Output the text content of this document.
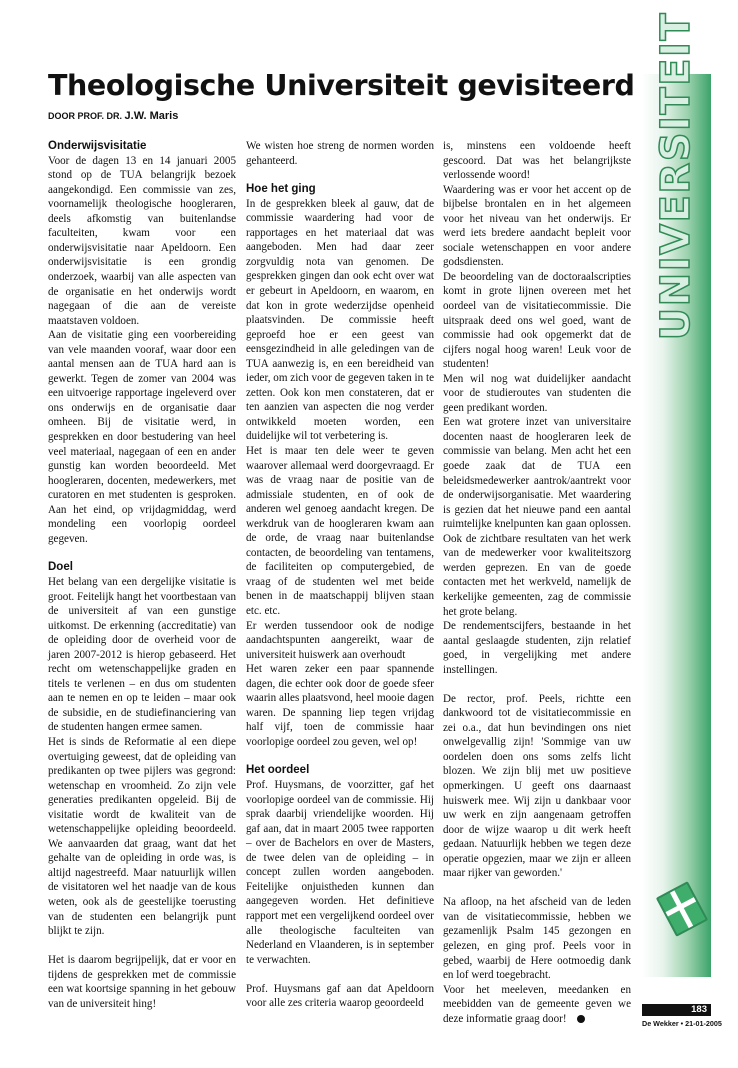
Theologische Universiteit gevisiteerd
DOOR PROF. DR. J.W. Maris
Onderwijsvisitatie

Voor de dagen 13 en 14 januari 2005 stond op de TUA belangrijk bezoek aangekondigd. Een commissie van zes, voornamelijk theologische hoogleraren, deels afkomstig van buitenlandse faculteiten, kwam voor een onderwijsvisitatie naar Apeldoorn. Een onderwijsvisitatie is een grondig onderzoek, waarbij van alle aspecten van de organisatie en het onderwijs wordt nagegaan of die aan de vereiste maatstaven voldoen.

Aan de visitatie ging een voorbereiding van vele maanden vooraf, waar door een aantal mensen aan de TUA hard aan is gewerkt. Tegen de zomer van 2004 was een uitvoerige rapportage ingeleverd over ons onderwijs en de organisatie daar omheen. Bij de visitatie werd, in gesprekken en door bestudering van heel veel materiaal, nagegaan of een en ander gunstig kan worden beoordeeld. Met hoogleraren, docenten, medewerkers, met curatoren en met studenten is gesproken. Aan het eind, op vrijdagmiddag, werd mondeling een voorlopig oordeel gegeven.

Doel

Het belang van een dergelijke visitatie is groot. Feitelijk hangt het voortbestaan van de universiteit af van een gunstige uitkomst. De erkenning (accreditatie) van de opleiding door de overheid voor de jaren 2007-2012 is hierop gebaseerd. Het recht om wetenschappelijke graden en titels te verlenen – en dus om studenten aan te nemen en op te leiden – maar ook de subsidie, en de studiefinanciering van de studenten hangen ermee samen.

Het is sinds de Reformatie al een diepe overtuiging geweest, dat de opleiding van predikanten op twee pijlers was gegrond: wetenschap en vroomheid. Zo zijn vele generaties predikanten opgeleid. Bij de visitatie wordt de kwaliteit van de wetenschappelijke opleiding beoordeeld. We aanvaarden dat graag, want dat het gehalte van de opleiding in orde was, is altijd nagestreefd. Maar natuurlijk willen de visitatoren wel het naadje van de kous weten, ook als de geestelijke toerusting van de studenten een belangrijk punt blijkt te zijn.

Het is daarom begrijpelijk, dat er voor en tijdens de gesprekken met de commissie een wat koortsige spanning in het gebouw van de universiteit hing!

We wisten hoe streng de normen worden gehanteerd.

Hoe het ging

In de gesprekken bleek al gauw, dat de commissie waardering had voor de rapportages en het materiaal dat was aangeboden. Men had daar zeer zorgvuldig nota van genomen. De gesprekken gingen dan ook echt over wat er gebeurt in Apeldoorn, en waarom, en dat kon in grote wederzijdse openheid plaatsvinden. De commissie heeft geproefd hoe er een geest van eensgezindheid in alle geledingen van de TUA aanwezig is, en een bereidheid van ieder, om zich voor de gegeven taken in te zetten. Ook kon men constateren, dat er ten aanzien van aspecten die nog verder ontwikkeld moeten worden, een duidelijke wil tot verbetering is.

Het is maar ten dele weer te geven waarover allemaal werd doorgevraagd. Er was de vraag naar de positie van de admissiale studenten, en of ook de anderen wel genoeg aandacht kregen. De werkdruk van de hoogleraren kwam aan de orde, de vraag naar buitenlandse contacten, de beoordeling van tentamens, de faciliteiten op computergebied, de vraag of de studenten wel met beide benen in de maatschappij blijven staan etc. etc.

Er werden tussendoor ook de nodige aandachtspunten aangereikt, waar de universiteit huiswerk aan overhoudt

Het waren zeker een paar spannende dagen, die echter ook door de goede sfeer waarin alles plaatsvond, heel mooie dagen waren. De spanning liep tegen vrijdag half vijf, toen de commissie haar voorlopige oordeel zou geven, wel op!

Het oordeel

Prof. Huysmans, de voorzitter, gaf het voorlopige oordeel van de commissie. Hij sprak daarbij vriendelijke woorden. Hij gaf aan, dat in maart 2005 twee rapporten – over de Bachelors en over de Masters, de twee delen van de opleiding – in concept zullen worden aangeboden. Feitelijke onjuistheden kunnen dan aangegeven worden. Het definitieve rapport met een vergelijkend oordeel over alle theologische faculteiten van Nederland en Vlaanderen, is in september te verwachten.

Prof. Huysmans gaf aan dat Apeldoorn voor alle zes criteria waarop geoordeeld

is, minstens een voldoende heeft gescoord. Dat was het belangrijkste verlossende woord!

Waardering was er voor het accent op de bijbelse brontalen en in het algemeen voor het niveau van het onderwijs. Er werd iets bredere aandacht bepleit voor sociale wetenschappen en voor andere godsdiensten.

De beoordeling van de doctoraalscripties komt in grote lijnen overeen met het oordeel van de visitatiecommissie. Die uitspraak deed ons wel goed, want de commissie had ook opgemerkt dat de cijfers nogal hoog waren! Leuk voor de studenten!

Men wil nog wat duidelijker aandacht voor de studieroutes van studenten die geen predikant worden.

Een wat grotere inzet van universitaire docenten naast de hoogleraren leek de commissie van belang. Men acht het een goede zaak dat de TUA een beleidsmedewerker aantrok/aantrekt voor de onderwijsorganisatie. Met waardering is gezien dat het nieuwe pand een aantal ruimtelijke knelpunten kan gaan oplossen. Ook de zichtbare resultaten van het werk van de medewerker voor kwaliteitszorg werden geprezen. En van de goede contacten met het werkveld, namelijk de kerkelijke gemeenten, zag de commissie het grote belang.

De rendementscijfers, bestaande in het aantal geslaagde studenten, zijn relatief goed, in vergelijking met andere instellingen.

De rector, prof. Peels, richtte een dankwoord tot de visitatiecommissie en zei o.a., dat hun bevindingen ons niet onwelgevallig zijn! 'Sommige van uw oordelen doen ons soms zelfs licht blozen. We zijn blij met uw positieve opmerkingen. U geeft ons daarnaast huiswerk mee. Wij zijn u dankbaar voor uw werk en zijn aangenaam getroffen door de wijze waarop u dit werk heeft gedaan. Natuurlijk hebben we tegen deze operatie opgezien, maar we zijn er alleen maar rijker van geworden.'

Na afloop, na het afscheid van de leden van de visitatiecommissie, hebben we gezamenlijk Psalm 145 gezongen en gelezen, en ging prof. Peels voor in gebed, waarbij de Here ootmoedig dank en lof werd toegebracht.

Voor het meeleven, meedanken en meebidden van de gemeente geven we deze informatie graag door!

UNIVERSITEIT
183
De Wekker • 21-01-2005
